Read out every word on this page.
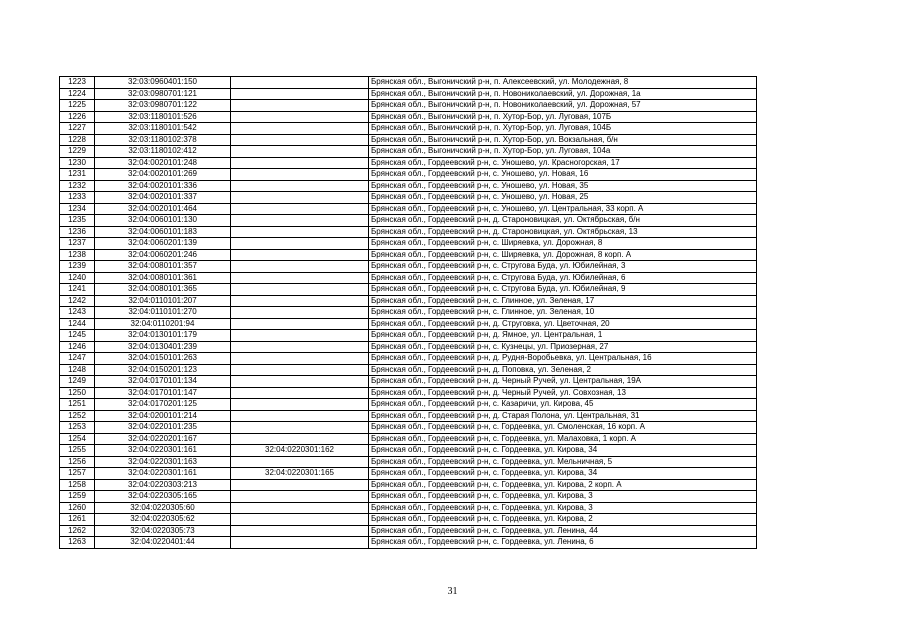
1223	32:03:0960401:150		Брянская обл., Выгоничский р-н, п. Алексеевский, ул. Молодежная, 8
1224	32:03:0980701:121		Брянская обл., Выгоничский р-н, п. Новониколаевский, ул. Дорожная, 1а
1225	32:03:0980701:122		Брянская обл., Выгоничский р-н, п. Новониколаевский, ул. Дорожная, 57
1226	32:03:1180101:526		Брянская обл., Выгоничский р-н, п. Хутор-Бор, ул. Луговая, 107Б
1227	32:03:1180101:542		Брянская обл., Выгоничский р-н, п. Хутор-Бор, ул. Луговая, 104Б
1228	32:03:1180102:378		Брянская обл., Выгоничский р-н, п. Хутор-Бор, ул. Вокзальная, б/н
1229	32:03:1180102:412		Брянская обл., Выгоничский р-н, п. Хутор-Бор, ул. Луговая, 104а
1230	32:04:0020101:248		Брянская обл., Гордеевский р-н, с. Уношево, ул. Красногорская, 17
1231	32:04:0020101:269		Брянская обл., Гордеевский р-н, с. Уношево, ул. Новая, 16
1232	32:04:0020101:336		Брянская обл., Гордеевский р-н, с. Уношево, ул. Новая, 35
1233	32:04:0020101:337		Брянская обл., Гордеевский р-н, с. Уношево, ул. Новая, 25
1234	32:04:0020101:464		Брянская обл., Гордеевский р-н, с. Уношево, ул. Центральная, 33 корп. А
1235	32:04:0060101:130		Брянская обл., Гордеевский р-н, д. Староновицкая, ул. Октябрьская, б/н
1236	32:04:0060101:183		Брянская обл., Гордеевский р-н, д. Староновицкая, ул. Октябрьская, 13
1237	32:04:0060201:139		Брянская обл., Гордеевский р-н, с. Ширяевка, ул. Дорожная, 8
1238	32:04:0060201:246		Брянская обл., Гордеевский р-н, с. Ширяевка, ул. Дорожная, 8 корп. А
1239	32:04:0080101:357		Брянская обл., Гордеевский р-н, с. Струговa Буда, ул. Юбилейная, 3
1240	32:04:0080101:361		Брянская обл., Гордеевский р-н, с. Струговa Буда, ул. Юбилейная, 6
1241	32:04:0080101:365		Брянская обл., Гордеевский р-н, с. Струговa Буда, ул. Юбилейная, 9
1242	32:04:0110101:207		Брянская обл., Гордеевский р-н, с. Глинное, ул. Зеленая, 17
1243	32:04:0110101:270		Брянская обл., Гордеевский р-н, с. Глинное, ул. Зеленая, 10
1244	32:04:0110201:94		Брянская обл., Гордеевский р-н, д. Струговка, ул. Цветочная, 20
1245	32:04:0130101:179		Брянская обл., Гордеевский р-н, д. Ямное, ул. Центральная, 1
1246	32:04:0130401:239		Брянская обл., Гордеевский р-н, с. Кузнецы, ул. Приозерная, 27
1247	32:04:0150101:263		Брянская обл., Гордеевский р-н, д. Рудня-Воробьевка, ул. Центральная, 16
1248	32:04:0150201:123		Брянская обл., Гордеевский р-н, д. Поповка, ул. Зеленая, 2
1249	32:04:0170101:134		Брянская обл., Гордеевский р-н, д. Черный Ручей, ул. Центральная, 19А
1250	32:04:0170101:147		Брянская обл., Гордеевский р-н, д. Черный Ручей, ул. Совхозная, 13
1251	32:04:0170201:125		Брянская обл., Гордеевский р-н, с. Казаричи, ул. Кирова, 45
1252	32:04:0200101:214		Брянская обл., Гордеевский р-н, д. Старая Полона, ул. Центральная, 31
1253	32:04:0220101:235		Брянская обл., Гордеевский р-н, с. Гордеевка, ул. Смоленская, 16 корп. А
1254	32:04:0220201:167		Брянская обл., Гордеевский р-н, с. Гордеевка, ул. Малаховка, 1 корп. А
1255	32:04:0220301:161	32:04:0220301:162	Брянская обл., Гордеевский р-н, с. Гордеевка, ул. Кирова, 34
1256	32:04:0220301:163		Брянская обл., Гордеевский р-н, с. Гордеевка, ул. Мельничная, 5
1257	32:04:0220301:161	32:04:0220301:165	Брянская обл., Гордеевский р-н, с. Гордеевка, ул. Кирова, 34
1258	32:04:0220303:213		Брянская обл., Гордеевский р-н, с. Гордеевка, ул. Кирова, 2 корп. А
1259	32:04:0220305:165		Брянская обл., Гордеевский р-н, с. Гордеевка, ул. Кирова, 3
1260	32:04:0220305:60		Брянская обл., Гордеевский р-н, с. Гордеевка, ул. Кирова, 3
1261	32:04:0220305:62		Брянская обл., Гордеевский р-н, с. Гордеевка, ул. Кирова, 2
1262	32:04:0220305:73		Брянская обл., Гордеевский р-н, с. Гордеевка, ул. Ленина, 44
1263	32:04:0220401:44		Брянская обл., Гордеевский р-н, с. Гордеевка, ул. Ленина, 6
31
